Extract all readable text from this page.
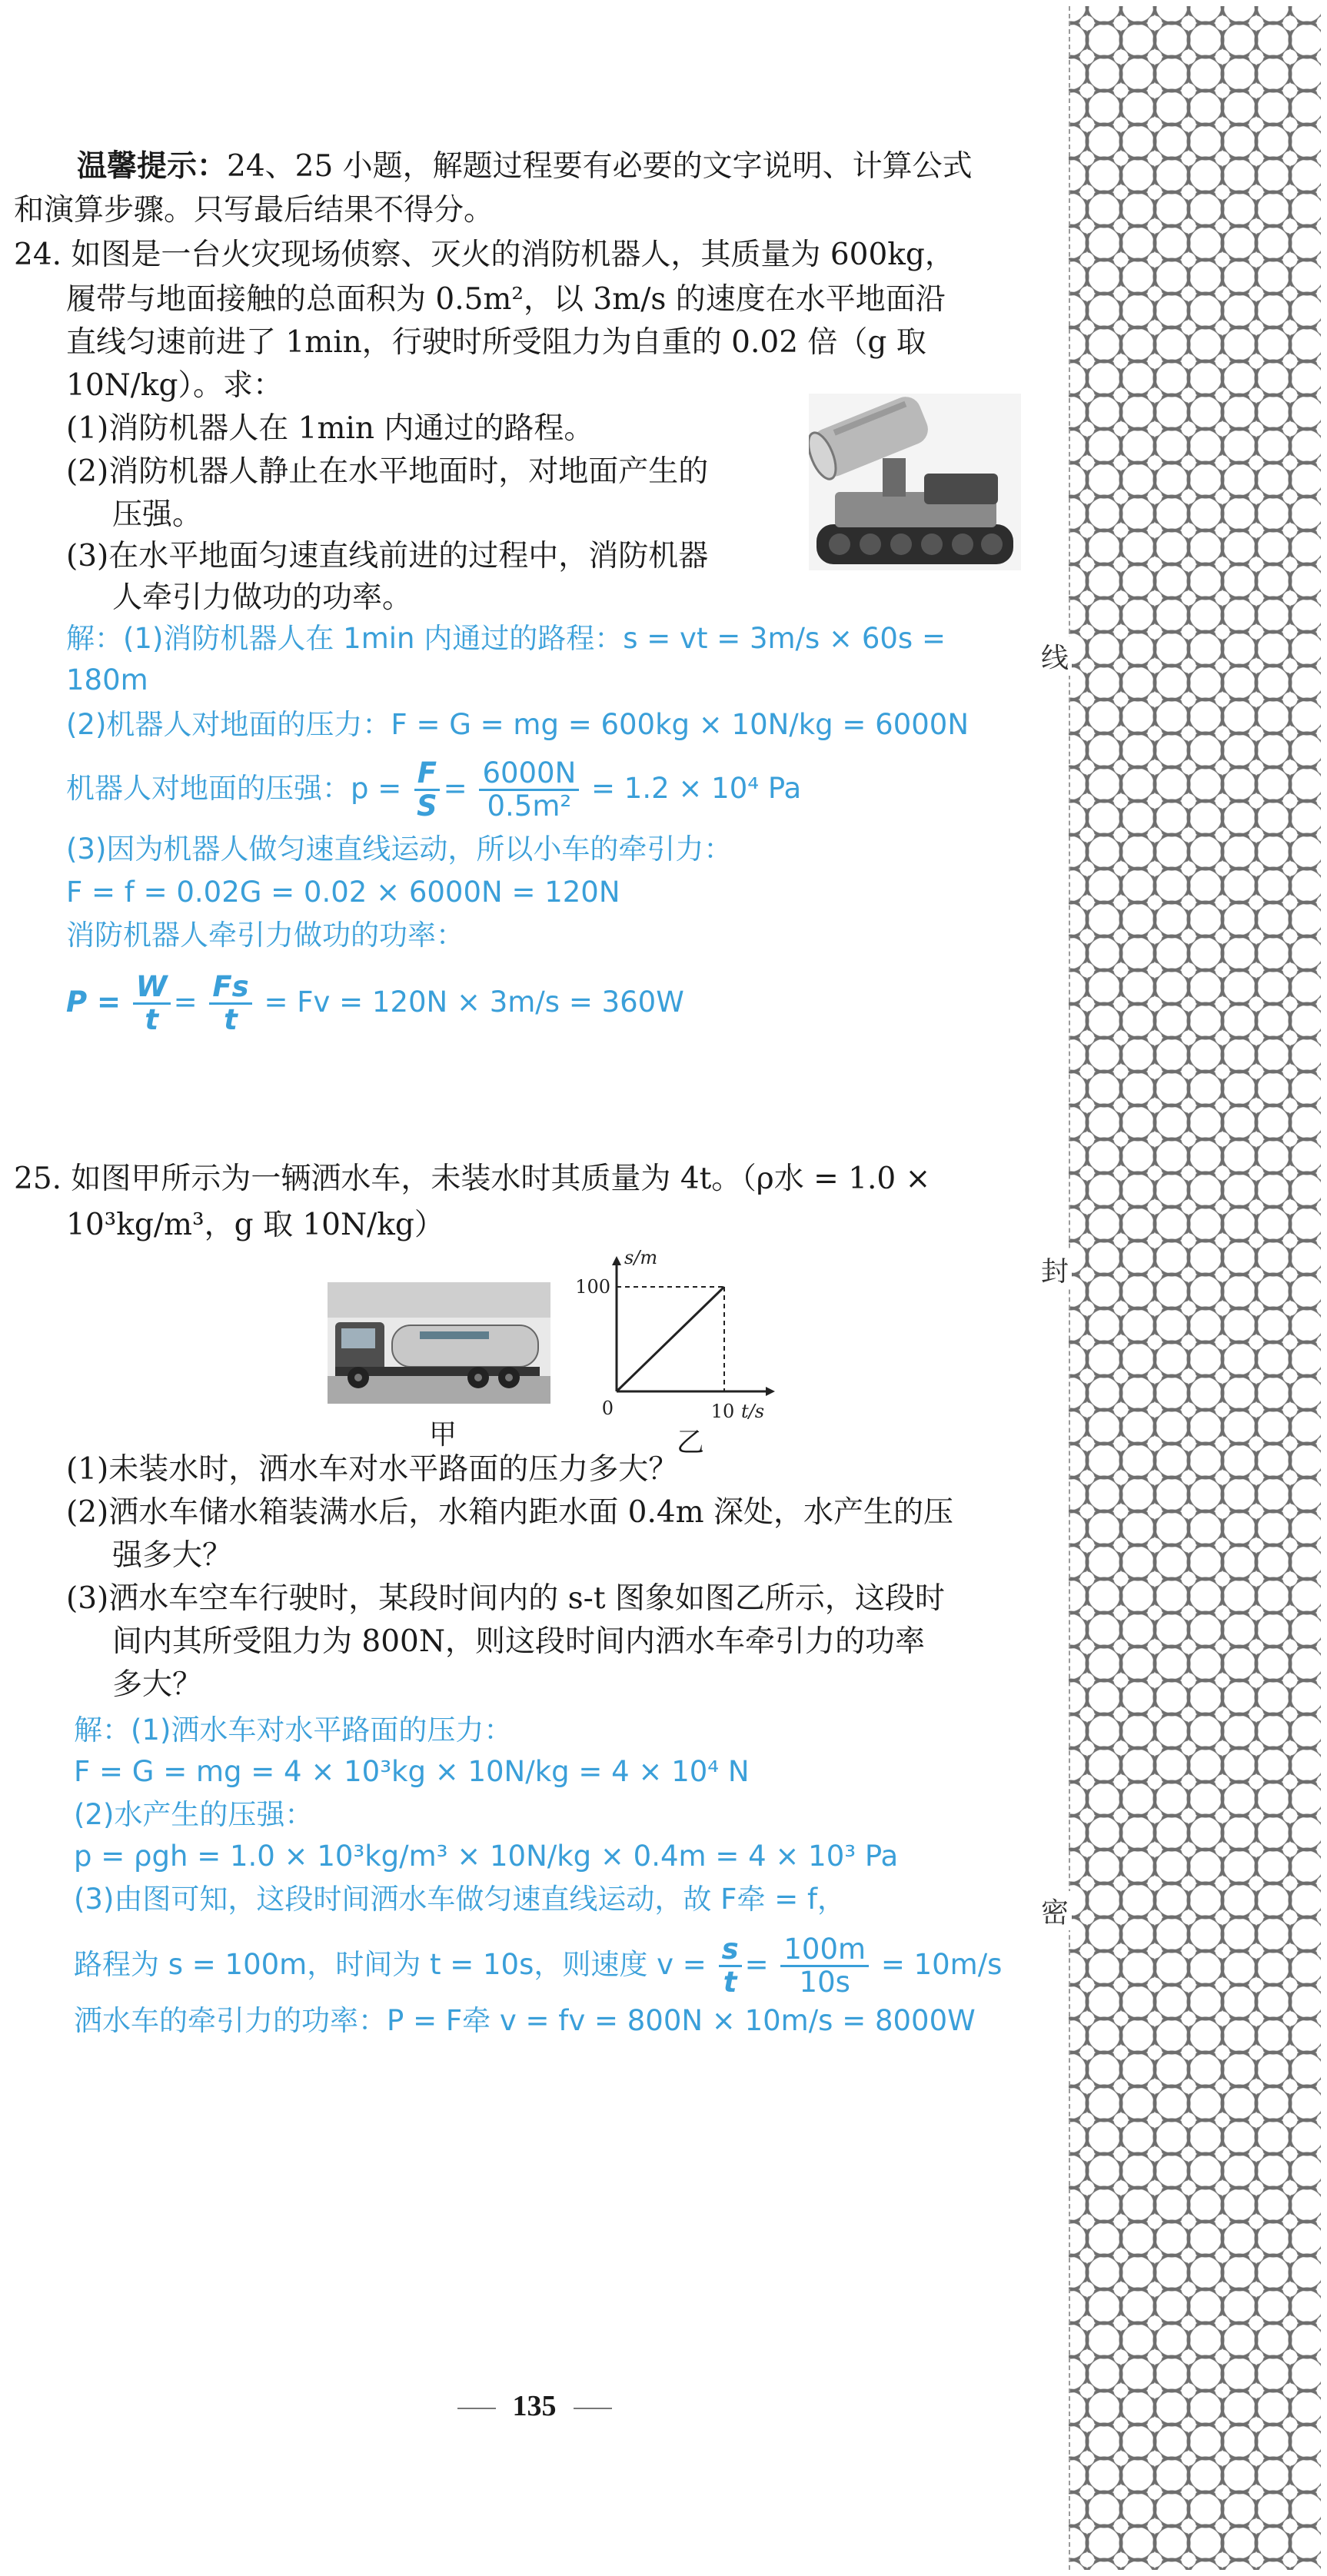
温馨提示：24、25 小题，解题过程要有必要的文字说明、计算公式
和演算步骤。只写最后结果不得分。
24. 如图是一台火灾现场侦察、灭火的消防机器人，其质量为 600kg，
履带与地面接触的总面积为 0.5m²，以 3m/s 的速度在水平地面沿
直线匀速前进了 1min，行驶时所受阻力为自重的 0.02 倍（g 取
10N/kg）。求：
(1)消防机器人在 1min 内通过的路程。
(2)消防机器人静止在水平地面时，对地面产生的
压强。
(3)在水平地面匀速直线前进的过程中，消防机器
人牵引力做功的功率。
解：(1)消防机器人在 1min 内通过的路程：s = vt = 3m/s × 60s =
180m
(2)机器人对地面的压力：F = G = mg = 600kg × 10N/kg = 6000N
机器人对地面的压强：$p = \frac{F}{S} = \frac{6000N}{\text{0.5m²}} = 1.2 \times 10^4$ Pa
(3)因为机器人做匀速直线运动，所以小车的牵引力：
F = f = 0.02G = 0.02 × 6000N = 120N
消防机器人牵引力做功的功率：
$P = \frac{W}{t} = \frac{Fs}{t} = Fv = 120N \times 3m/s = 360W$
25. 如图甲所示为一辆洒水车，未装水时其质量为 4t。（ρ水 = 1.0 ×
10³kg/m³，g 取 10N/kg）
甲
0	10
100
t/s
s/m
乙
(1)未装水时，洒水车对水平路面的压力多大？
(2)洒水车储水箱装满水后，水箱内距水面 0.4m 深处，水产生的压
强多大？
(3)洒水车空车行驶时，某段时间内的 s-t 图象如图乙所示，这段时
间内其所受阻力为 800N，则这段时间内洒水车牵引力的功率
多大？
解：(1)洒水车对水平路面的压力：
F = G = mg = 4 × 10³kg × 10N/kg = 4 × 10⁴ N
(2)水产生的压强：
p = ρgh = 1.0 × 10³kg/m³ × 10N/kg × 0.4m = 4 × 10³ Pa
(3)由图可知，这段时间洒水车做匀速直线运动，故 F牵 = f，
路程为 s = 100m，时间为 t = 10s，则速度 $v = \frac{s}{t} = \frac{100m}{10s} = 10m/s$
洒水车的牵引力的功率：P = F牵 v = fv = 800N × 10m/s = 8000W
135
线
封
密
